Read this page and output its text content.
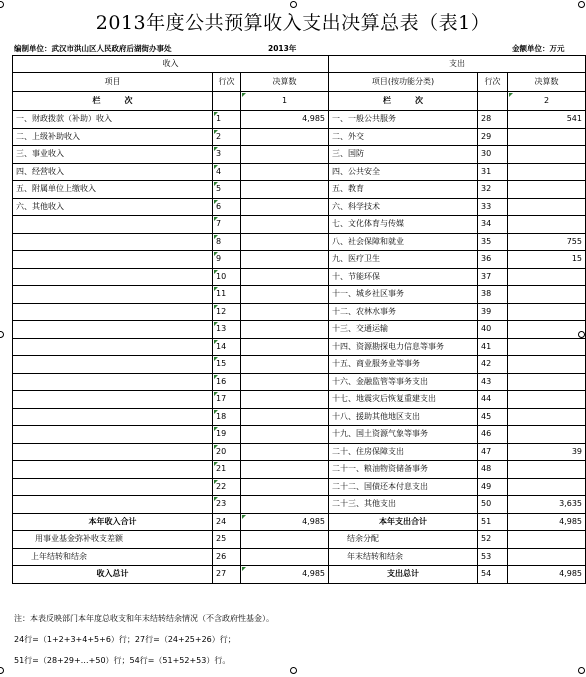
2013年度公共预算收入支出决算总表（表1）
编制单位：武汉市洪山区人民政府后湖街办事处	2013年	金额单位：万元
收入			支出		
项目	行次	决算数	项目(按功能分类)	行次	决算数
栏　　　次		1	栏　　　次		2
一、财政拨款（补助）收入	1	4,985	一、一般公共服务	28	541
二、上级补助收入	2		二、外交	29	
三、事业收入	3		三、国防	30	
四、经营收入	4		四、公共安全	31	
五、附属单位上缴收入	5		五、教育	32	
六、其他收入	6		六、科学技术	33	
	7		七、文化体育与传媒	34	
	8		八、社会保障和就业	35	755
	9		九、医疗卫生	36	15
	10		十、节能环保	37	
	11		十一、城乡社区事务	38	
	12		十二、农林水事务	39	
	13		十三、交通运输	40	
	14		十四、资源勘探电力信息等事务	41	
	15		十五、商业服务业等事务	42	
	16		十六、金融监管等事务支出	43	
	17		十七、地震灾后恢复重建支出	44	
	18		十八、援助其他地区支出	45	
	19		十九、国土资源气象等事务	46	
	20		二十、住房保障支出	47	39
	21		二十一、粮油物资储备事务	48	
	22		二十二、国债还本付息支出	49	
	23		二十三、其他支出	50	3,635
本年收入合计	24	4,985	本年支出合计	51	4,985
用事业基金弥补收支差额	25		结余分配	52	
上年结转和结余	26		年末结转和结余	53	
收入总计	27	4,985	支出总计	54	4,985
注：本表反映部门本年度总收支和年末结转结余情况（不含政府性基金）。
24行=（1+2+3+4+5+6）行；27行=（24+25+26）行；
51行=（28+29+…+50）行；54行=（51+52+53）行。
